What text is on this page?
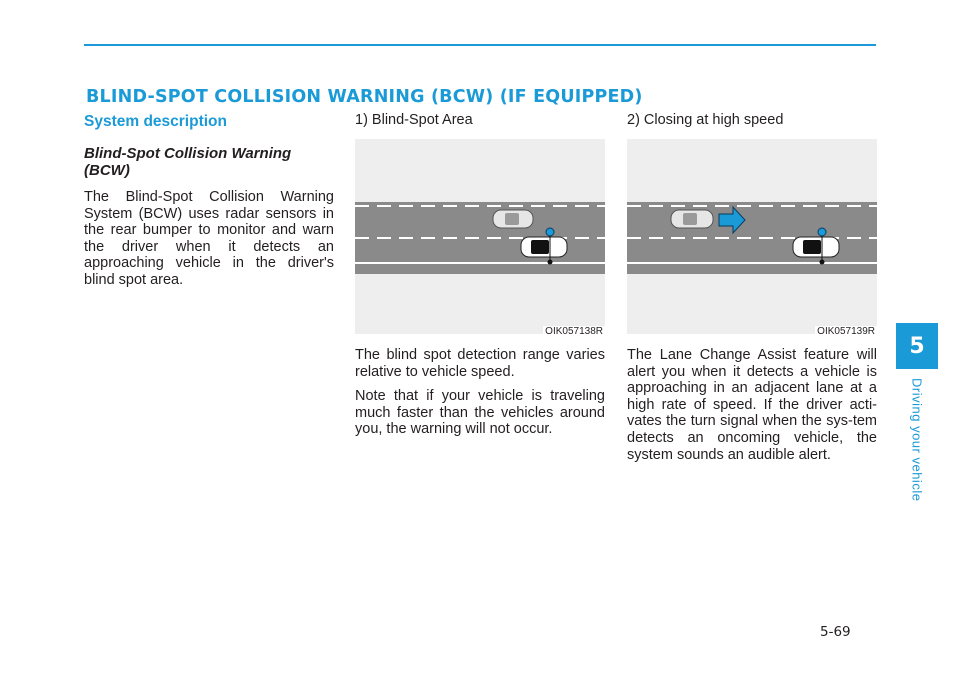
BLIND-SPOT COLLISION WARNING (BCW) (IF EQUIPPED)
System description
Blind-Spot Collision Warning (BCW)

The Blind-Spot Collision Warning System (BCW) uses radar sensors in the rear bumper to monitor and warn the driver when it detects an approaching vehicle in the driver's blind spot area.

1) Blind-Spot Area

OIK057138R

The blind spot detection range varies relative to vehicle speed.

Note that if your vehicle is traveling much faster than the vehicles around you, the warning will not occur.

2) Closing at high speed

OIK057139R

The Lane Change Assist feature will alert you when it detects a vehicle is approaching in an adjacent lane at a high rate of speed. If the driver acti-vates the turn signal when the sys-tem detects an oncoming vehicle, the system sounds an audible alert.

5
Driving your vehicle
5-69
